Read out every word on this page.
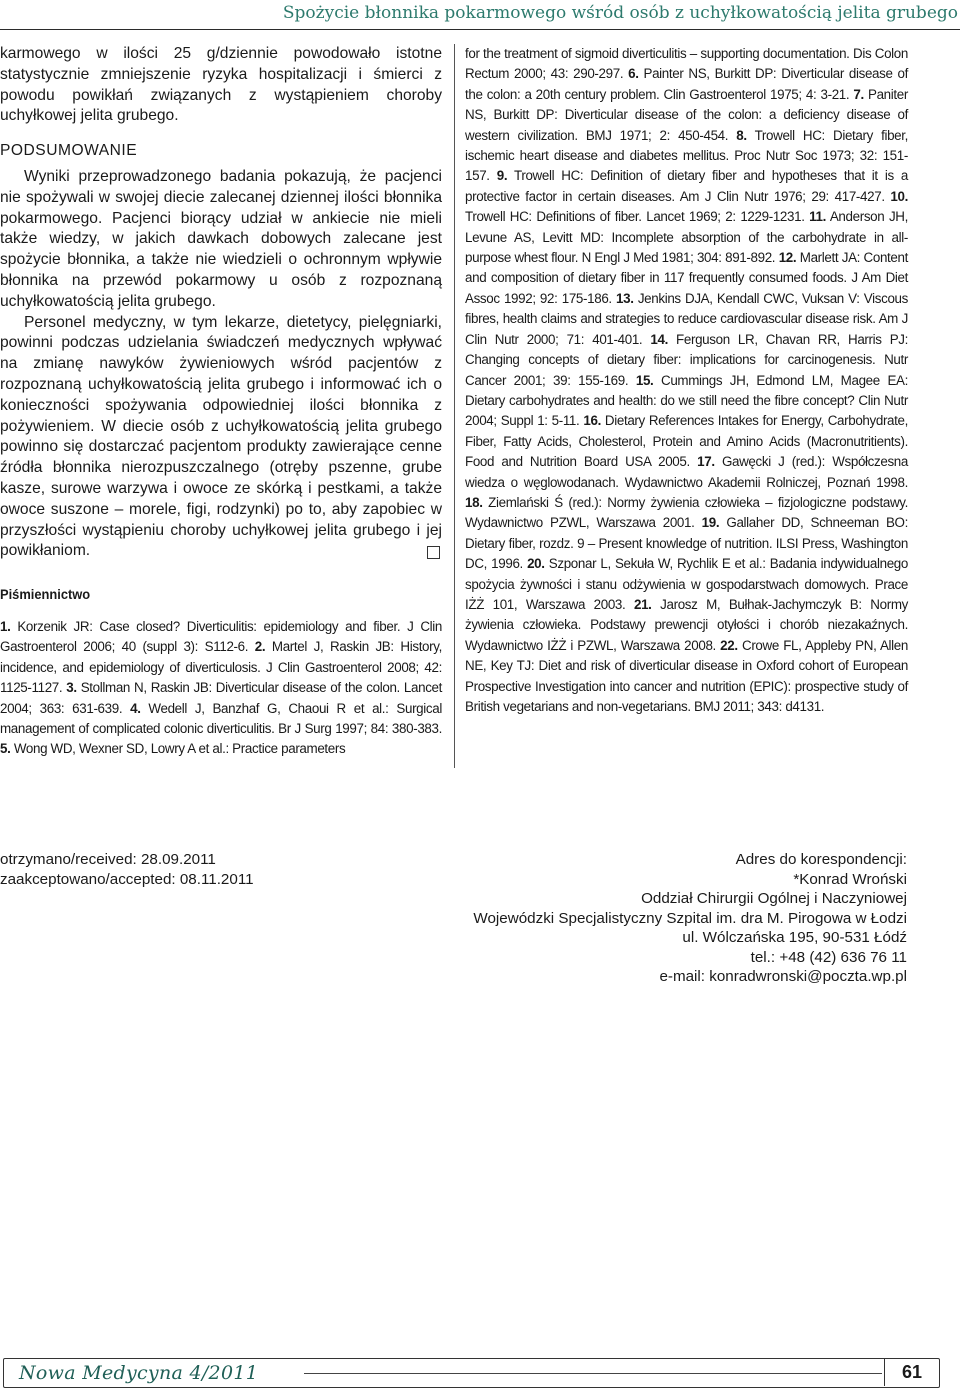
Spożycie błonnika pokarmowego wśród osób z uchyłkowatością jelita grubego

karmowego w ilości 25 g/dziennie powodowało istotne statystycznie zmniejszenie ryzyka hospitalizacji i śmierci z powodu powikłań związanych z wystąpieniem choroby uchyłkowej jelita grubego.

PODSUMOWANIE

Wyniki przeprowadzonego badania pokazują, że pacjenci nie spożywali w swojej diecie zalecanej dziennej ilości błonnika pokarmowego. Pacjenci biorący udział w ankiecie nie mieli także wiedzy, w jakich dawkach dobowych zalecane jest spożycie błonnika, a także nie wiedzieli o ochronnym wpływie błonnika na przewód pokarmowy u osób z rozpoznaną uchyłkowatością jelita grubego.

Personel medyczny, w tym lekarze, dietetycy, pielęgniarki, powinni podczas udzielania świadczeń medycznych wpływać na zmianę nawyków żywieniowych wśród pacjentów z rozpoznaną uchyłkowatością jelita grubego i informować ich o konieczności spożywania odpowiedniej ilości błonnika z pożywieniem. W diecie osób z uchyłkowatością jelita grubego powinno się dostarczać pacjentom produkty zawierające cenne źródła błonnika nierozpuszczalnego (otręby pszenne, grube kasze, surowe warzywa i owoce ze skórką i pestkami, a także owoce suszone – morele, figi, rodzynki) po to, aby zapobiec w przyszłości wystąpieniu choroby uchyłkowej jelita grubego i jej powikłaniom.

Piśmiennictwo
1. Korzenik JR: Case closed? Diverticulitis: epidemiology and fiber. J Clin Gastroenterol 2006; 40 (suppl 3): S112-6. 2. Martel J, Raskin JB: History, incidence, and epidemiology of diverticulosis. J Clin Gastroenterol 2008; 42: 1125-1127. 3. Stollman N, Raskin JB: Diverticular disease of the colon. Lancet 2004; 363: 631-639. 4. Wedell J, Banzhaf G, Chaoui R et al.: Surgical management of complicated colonic diverticulitis. Br J Surg 1997; 84: 380-383. 5. Wong WD, Wexner SD, Lowry A et al.: Practice parameters
for the treatment of sigmoid diverticulitis – supporting documentation. Dis Colon Rectum 2000; 43: 290-297. 6. Painter NS, Burkitt DP: Diverticular disease of the colon: a 20th century problem. Clin Gastroenterol 1975; 4: 3-21. 7. Paniter NS, Burkitt DP: Diverticular disease of the colon: a deficiency disease of western civilization. BMJ 1971; 2: 450-454. 8. Trowell HC: Dietary fiber, ischemic heart disease and diabetes mellitus. Proc Nutr Soc 1973; 32: 151-157. 9. Trowell HC: Definition of dietary fiber and hypotheses that it is a protective factor in certain diseases. Am J Clin Nutr 1976; 29: 417-427. 10. Trowell HC: Definitions of fiber. Lancet 1969; 2: 1229-1231. 11. Anderson JH, Levune AS, Levitt MD: Incomplete absorption of the carbohydrate in all-purpose whest flour. N Engl J Med 1981; 304: 891-892. 12. Marlett JA: Content and composition of dietary fiber in 117 frequently consumed foods. J Am Diet Assoc 1992; 92: 175-186. 13. Jenkins DJA, Kendall CWC, Vuksan V: Viscous fibres, health claims and strategies to reduce cardiovascular disease risk. Am J Clin Nutr 2000; 71: 401-401. 14. Ferguson LR, Chavan RR, Harris PJ: Changing concepts of dietary fiber: implications for carcinogenesis. Nutr Cancer 2001; 39: 155-169. 15. Cummings JH, Edmond LM, Magee EA: Dietary carbohydrates and health: do we still need the fibre concept? Clin Nutr 2004; Suppl 1: 5-11. 16. Dietary References Intakes for Energy, Carbohydrate, Fiber, Fatty Acids, Cholesterol, Protein and Amino Acids (Macronutritients). Food and Nutrition Board USA 2005. 17. Gawęcki J (red.): Współczesna wiedza o węglowodanach. Wydawnictwo Akademii Rolniczej, Poznań 1998. 18. Ziemlański Ś (red.): Normy żywienia człowieka – fizjologiczne podstawy. Wydawnictwo PZWL, Warszawa 2001. 19. Gallaher DD, Schneeman BO: Dietary fiber, rozdz. 9 – Present knowledge of nutrition. ILSI Press, Washington DC, 1996. 20. Szponar L, Sekuła W, Rychlik E et al.: Badania indywidualnego spożycia żywności i stanu odżywienia w gospodarstwach domowych. Prace IŻŻ 101, Warszawa 2003. 21. Jarosz M, Bułhak-Jachymczyk B: Normy żywienia człowieka. Podstawy prewencji otyłości i chorób niezakaźnych. Wydawnictwo IŻŻ i PZWL, Warszawa 2008. 22. Crowe FL, Appleby PN, Allen NE, Key TJ: Diet and risk of diverticular disease in Oxford cohort of European Prospective Investigation into cancer and nutrition (EPIC): prospective study of British vegetarians and non-vegetarians. BMJ 2011; 343: d4131.
otrzymano/received: 28.09.2011
zaakceptowano/accepted: 08.11.2011
Adres do korespondencji:
*Konrad Wroński
Oddział Chirurgii Ogólnej i Naczyniowej
Wojewódzki Specjalistyczny Szpital im. dra M. Pirogowa w Łodzi
ul. Wólczańska 195, 90-531 Łódź
tel.: +48 (42) 636 76 11
e-mail: konradwronski@poczta.wp.pl
Nowa Medycyna 4/2011	61
